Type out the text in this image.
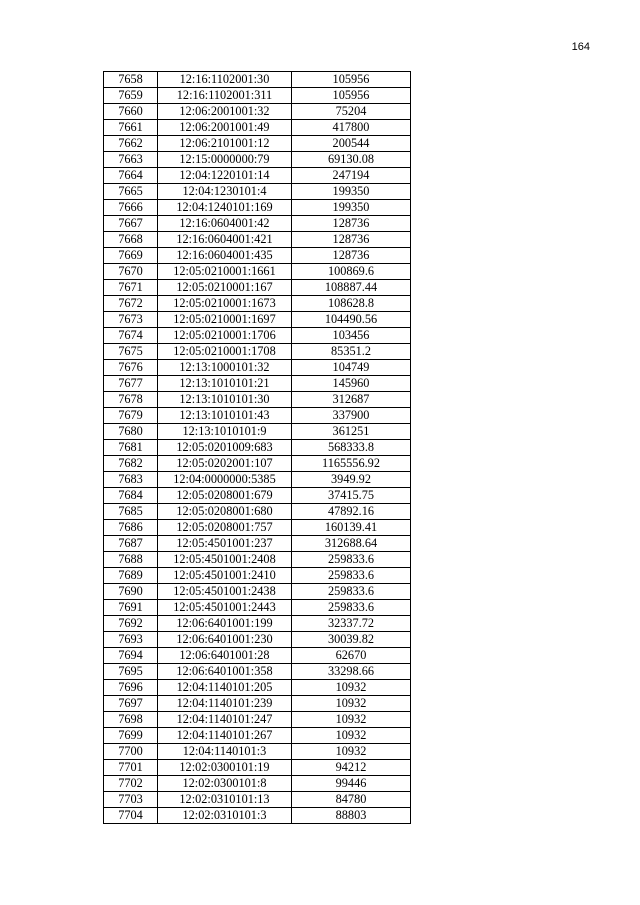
164
7658	12:16:1102001:30	105956
7659	12:16:1102001:311	105956
7660	12:06:2001001:32	75204
7661	12:06:2001001:49	417800
7662	12:06:2101001:12	200544
7663	12:15:0000000:79	69130.08
7664	12:04:1220101:14	247194
7665	12:04:1230101:4	199350
7666	12:04:1240101:169	199350
7667	12:16:0604001:42	128736
7668	12:16:0604001:421	128736
7669	12:16:0604001:435	128736
7670	12:05:0210001:1661	100869.6
7671	12:05:0210001:167	108887.44
7672	12:05:0210001:1673	108628.8
7673	12:05:0210001:1697	104490.56
7674	12:05:0210001:1706	103456
7675	12:05:0210001:1708	85351.2
7676	12:13:1000101:32	104749
7677	12:13:1010101:21	145960
7678	12:13:1010101:30	312687
7679	12:13:1010101:43	337900
7680	12:13:1010101:9	361251
7681	12:05:0201009:683	568333.8
7682	12:05:0202001:107	1165556.92
7683	12:04:0000000:5385	3949.92
7684	12:05:0208001:679	37415.75
7685	12:05:0208001:680	47892.16
7686	12:05:0208001:757	160139.41
7687	12:05:4501001:237	312688.64
7688	12:05:4501001:2408	259833.6
7689	12:05:4501001:2410	259833.6
7690	12:05:4501001:2438	259833.6
7691	12:05:4501001:2443	259833.6
7692	12:06:6401001:199	32337.72
7693	12:06:6401001:230	30039.82
7694	12:06:6401001:28	62670
7695	12:06:6401001:358	33298.66
7696	12:04:1140101:205	10932
7697	12:04:1140101:239	10932
7698	12:04:1140101:247	10932
7699	12:04:1140101:267	10932
7700	12:04:1140101:3	10932
7701	12:02:0300101:19	94212
7702	12:02:0300101:8	99446
7703	12:02:0310101:13	84780
7704	12:02:0310101:3	88803
